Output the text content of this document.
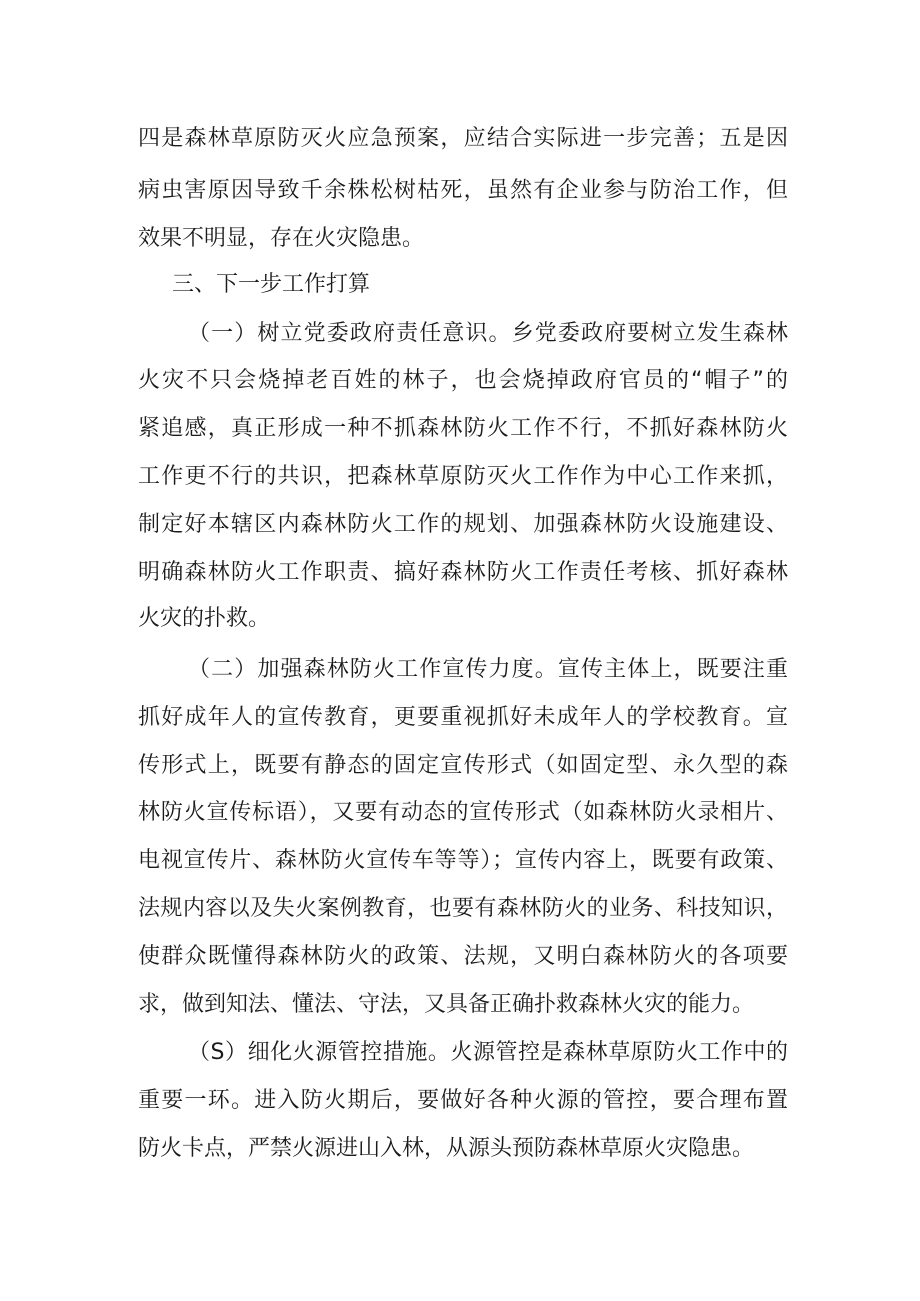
四是森林草原防灭火应急预案，应结合实际进一步完善；五是因

病虫害原因导致千余株松树枯死，虽然有企业参与防治工作，但

效果不明显，存在火灾隐患。

三、下一步工作打算

（一）树立党委政府责任意识。乡党委政府要树立发生森林

火灾不只会烧掉老百姓的林子，也会烧掉政府官员的“帽子”的

紧追感，真正形成一种不抓森林防火工作不行，不抓好森林防火

工作更不行的共识，把森林草原防灭火工作作为中心工作来抓，

制定好本辖区内森林防火工作的规划、加强森林防火设施建设、

明确森林防火工作职责、搞好森林防火工作责任考核、抓好森林

火灾的扑救。

（二）加强森林防火工作宣传力度。宣传主体上，既要注重

抓好成年人的宣传教育，更要重视抓好未成年人的学校教育。宣

传形式上，既要有静态的固定宣传形式（如固定型、永久型的森

林防火宣传标语），又要有动态的宣传形式（如森林防火录相片、

电视宣传片、森林防火宣传车等等）；宣传内容上，既要有政策、

法规内容以及失火案例教育，也要有森林防火的业务、科技知识，

使群众既懂得森林防火的政策、法规，又明白森林防火的各项要

求，做到知法、懂法、守法，又具备正确扑救森林火灾的能力。

（S）细化火源管控措施。火源管控是森林草原防火工作中的

重要一环。进入防火期后，要做好各种火源的管控，要合理布置

防火卡点，严禁火源进山入林，从源头预防森林草原火灾隐患。
